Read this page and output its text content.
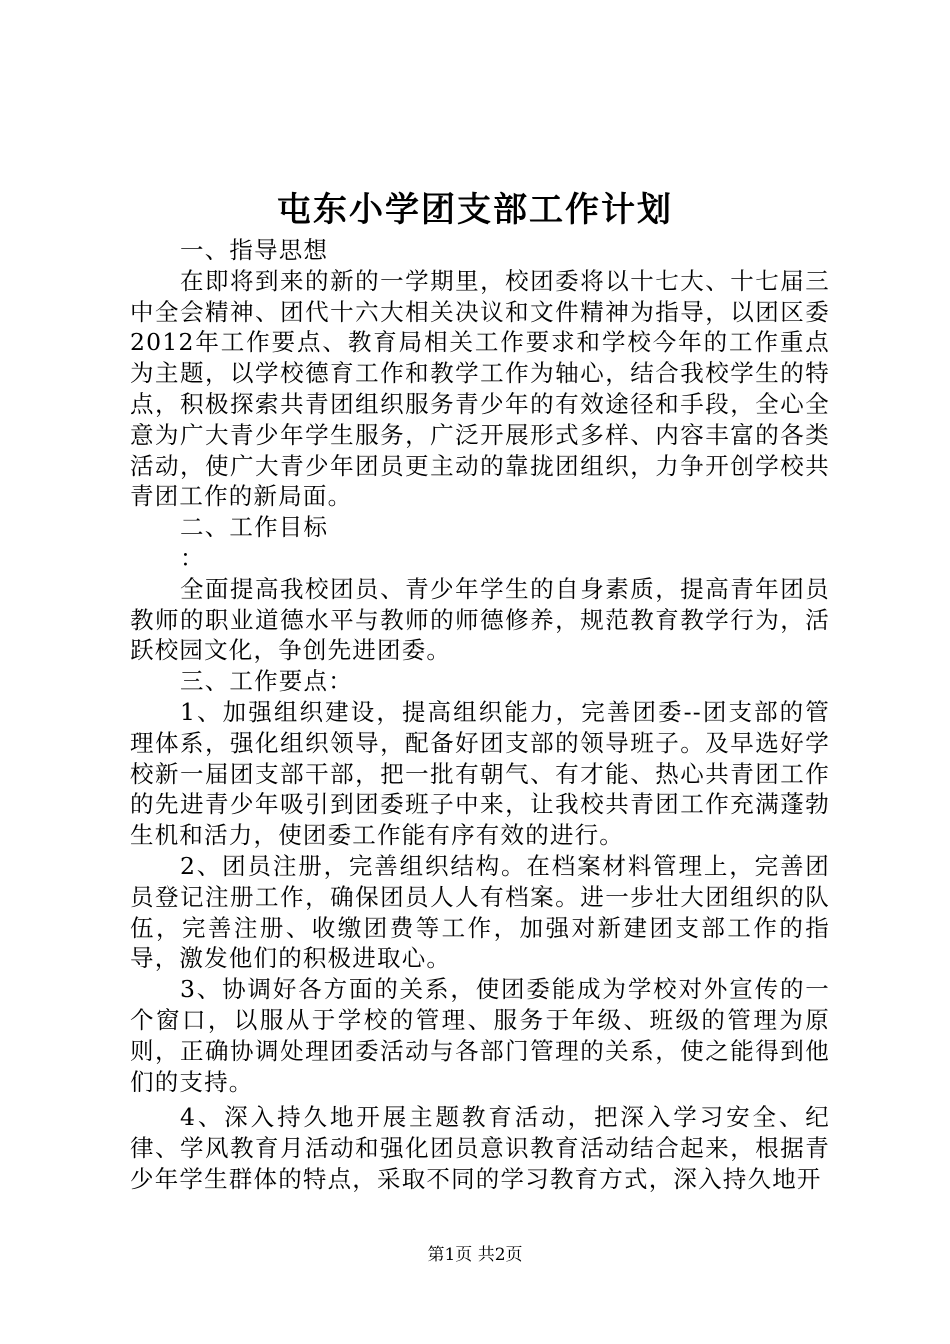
屯东小学团支部工作计划

一、指导思想

在即将到来的新的一学期里，校团委将以十七大、十七届三中全会精神、团代十六大相关决议和文件精神为指导，以团区委2012年工作要点、教育局相关工作要求和学校今年的工作重点为主题，以学校德育工作和教学工作为轴心，结合我校学生的特点，积极探索共青团组织服务青少年的有效途径和手段，全心全意为广大青少年学生服务，广泛开展形式多样、内容丰富的各类活动，使广大青少年团员更主动的靠拢团组织，力争开创学校共青团工作的新局面。

二、工作目标

：

全面提高我校团员、青少年学生的自身素质，提高青年团员教师的职业道德水平与教师的师德修养，规范教育教学行为，活跃校园文化，争创先进团委。

三、工作要点：

1、加强组织建设，提高组织能力，完善团委--团支部的管理体系，强化组织领导，配备好团支部的领导班子。及早选好学校新一届团支部干部，把一批有朝气、有才能、热心共青团工作的先进青少年吸引到团委班子中来，让我校共青团工作充满蓬勃生机和活力，使团委工作能有序有效的进行。

2、团员注册，完善组织结构。在档案材料管理上，完善团员登记注册工作，确保团员人人有档案。进一步壮大团组织的队伍，完善注册、收缴团费等工作，加强对新建团支部工作的指导，激发他们的积极进取心。

3、协调好各方面的关系，使团委能成为学校对外宣传的一个窗口，以服从于学校的管理、服务于年级、班级的管理为原则，正确协调处理团委活动与各部门管理的关系，使之能得到他们的支持。

4、深入持久地开展主题教育活动，把深入学习安全、纪律、学风教育月活动和强化团员意识教育活动结合起来，根据青少年学生群体的特点，采取不同的学习教育方式，深入持久地开

第1页 共2页
